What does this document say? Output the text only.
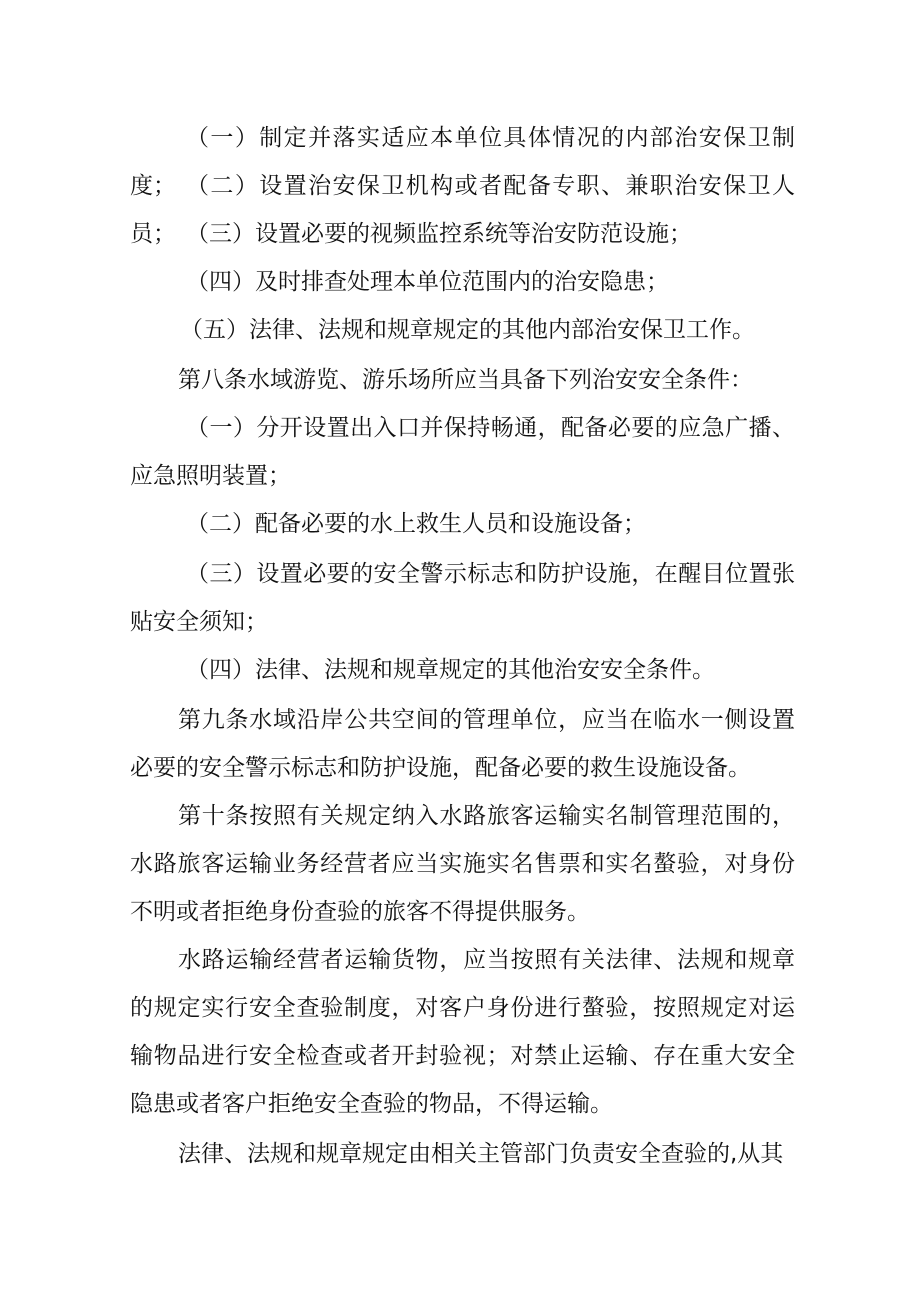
（一）制定并落实适应本单位具体情况的内部治安保卫制度； （二）设置治安保卫机构或者配备专职、兼职治安保卫人员； （三）设置必要的视频监控系统等治安防范设施；

（四）及时排查处理本单位范围内的治安隐患；

（五）法律、法规和规章规定的其他内部治安保卫工作。

第八条水域游览、游乐场所应当具备下列治安安全条件：

（一）分开设置出入口并保持畅通，配备必要的应急广播、应急照明装置；

（二）配备必要的水上救生人员和设施设备；

（三）设置必要的安全警示标志和防护设施，在醒目位置张贴安全须知；

（四）法律、法规和规章规定的其他治安安全条件。

第九条水域沿岸公共空间的管理单位，应当在临水一侧设置必要的安全警示标志和防护设施，配备必要的救生设施设备。

第十条按照有关规定纳入水路旅客运输实名制管理范围的，水路旅客运输业务经营者应当实施实名售票和实名螯验，对身份不明或者拒绝身份查验的旅客不得提供服务。

水路运输经营者运输货物，应当按照有关法律、法规和规章的规定实行安全查验制度，对客户身份进行螯验，按照规定对运输物品进行安全检查或者开封验视；对禁止运输、存在重大安全隐患或者客户拒绝安全查验的物品，不得运输。

法律、法规和规章规定由相关主管部门负责安全查验的,从其
